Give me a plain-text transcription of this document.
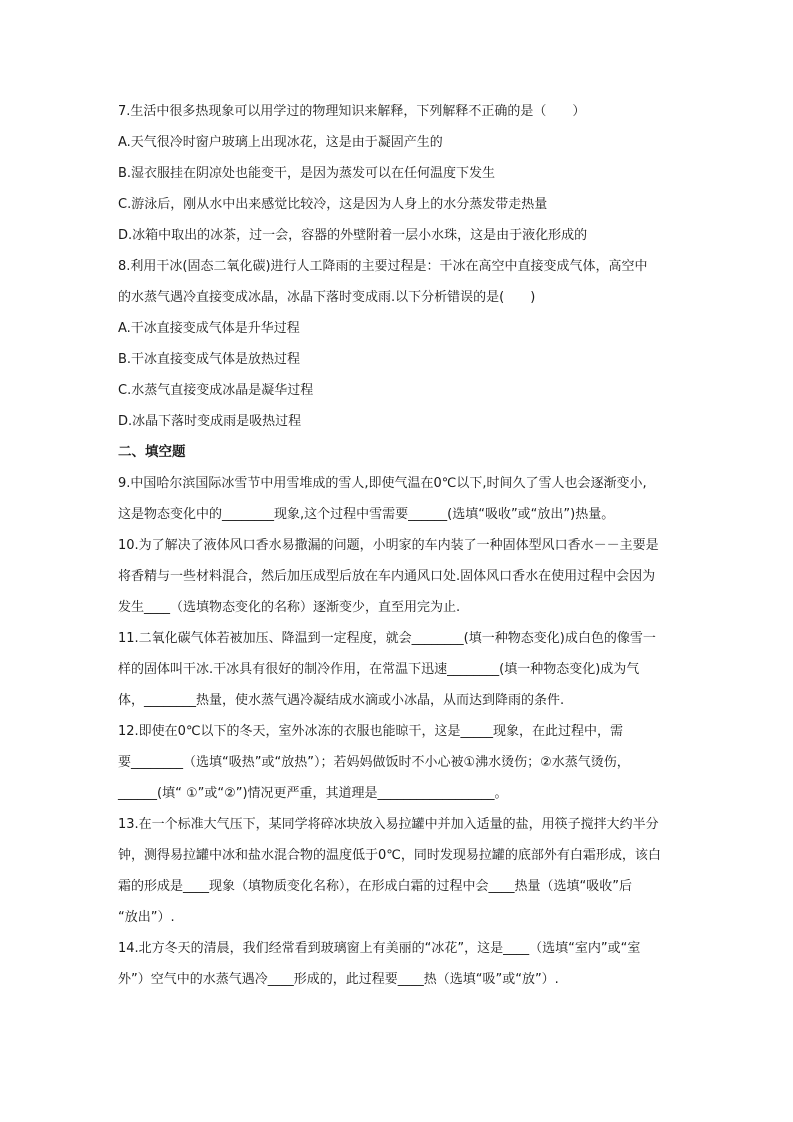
7.生活中很多热现象可以用学过的物理知识来解释，下列解释不正确的是（　　）
A.天气很冷时窗户玻璃上出现冰花，这是由于凝固产生的
B.湿衣服挂在阴凉处也能变干，是因为蒸发可以在任何温度下发生
C.游泳后，刚从水中出来感觉比较冷，这是因为人身上的水分蒸发带走热量
D.冰箱中取出的冰茶，过一会，容器的外壁附着一层小水珠，这是由于液化形成的
8.利用干冰(固态二氧化碳)进行人工降雨的主要过程是：干冰在高空中直接变成气体，高空中
的水蒸气遇冷直接变成冰晶，冰晶下落时变成雨.以下分析错误的是(　　)
A.干冰直接变成气体是升华过程
B.干冰直接变成气体是放热过程
C.水蒸气直接变成冰晶是凝华过程
D.冰晶下落时变成雨是吸热过程
二、填空题
9.中国哈尔滨国际冰雪节中用雪堆成的雪人,即使气温在0℃以下,时间久了雪人也会逐渐变小,
这是物态变化中的________现象,这个过程中雪需要______(选填“吸收”或“放出”)热量。
10.为了解决了液体风口香水易撒漏的问题，小明家的车内装了一种固体型风口香水－－主要是
将香精与一些材料混合，然后加压成型后放在车内通风口处.固体风口香水在使用过程中会因为
发生____（选填物态变化的名称）逐渐变少，直至用完为止.
11.二氧化碳气体若被加压、降温到一定程度，就会________(填一种物态变化)成白色的像雪一
样的固体叫干冰.干冰具有很好的制冷作用，在常温下迅速________(填一种物态变化)成为气
体，________热量，使水蒸气遇冷凝结成水滴或小冰晶，从而达到降雨的条件.
12.即使在0℃以下的冬天，室外冰冻的衣服也能晾干，这是_____现象，在此过程中，需
要________（选填“吸热”或“放热”）；若妈妈做饭时不小心被①沸水烫伤；②水蒸气烫伤，
______(填“ ①”或“②”)情况更严重，其道理是__________________。
13.在一个标准大气压下，某同学将碎冰块放入易拉罐中并加入适量的盐，用筷子搅拌大约半分
钟，测得易拉罐中冰和盐水混合物的温度低于0℃，同时发现易拉罐的底部外有白霜形成，该白
霜的形成是____现象（填物质变化名称），在形成白霜的过程中会____热量（选填“吸收”后
“放出”）.
14.北方冬天的清晨，我们经常看到玻璃窗上有美丽的“冰花”，这是____（选填“室内”或“室
外”）空气中的水蒸气遇冷____形成的，此过程要____热（选填“吸”或“放”）.
